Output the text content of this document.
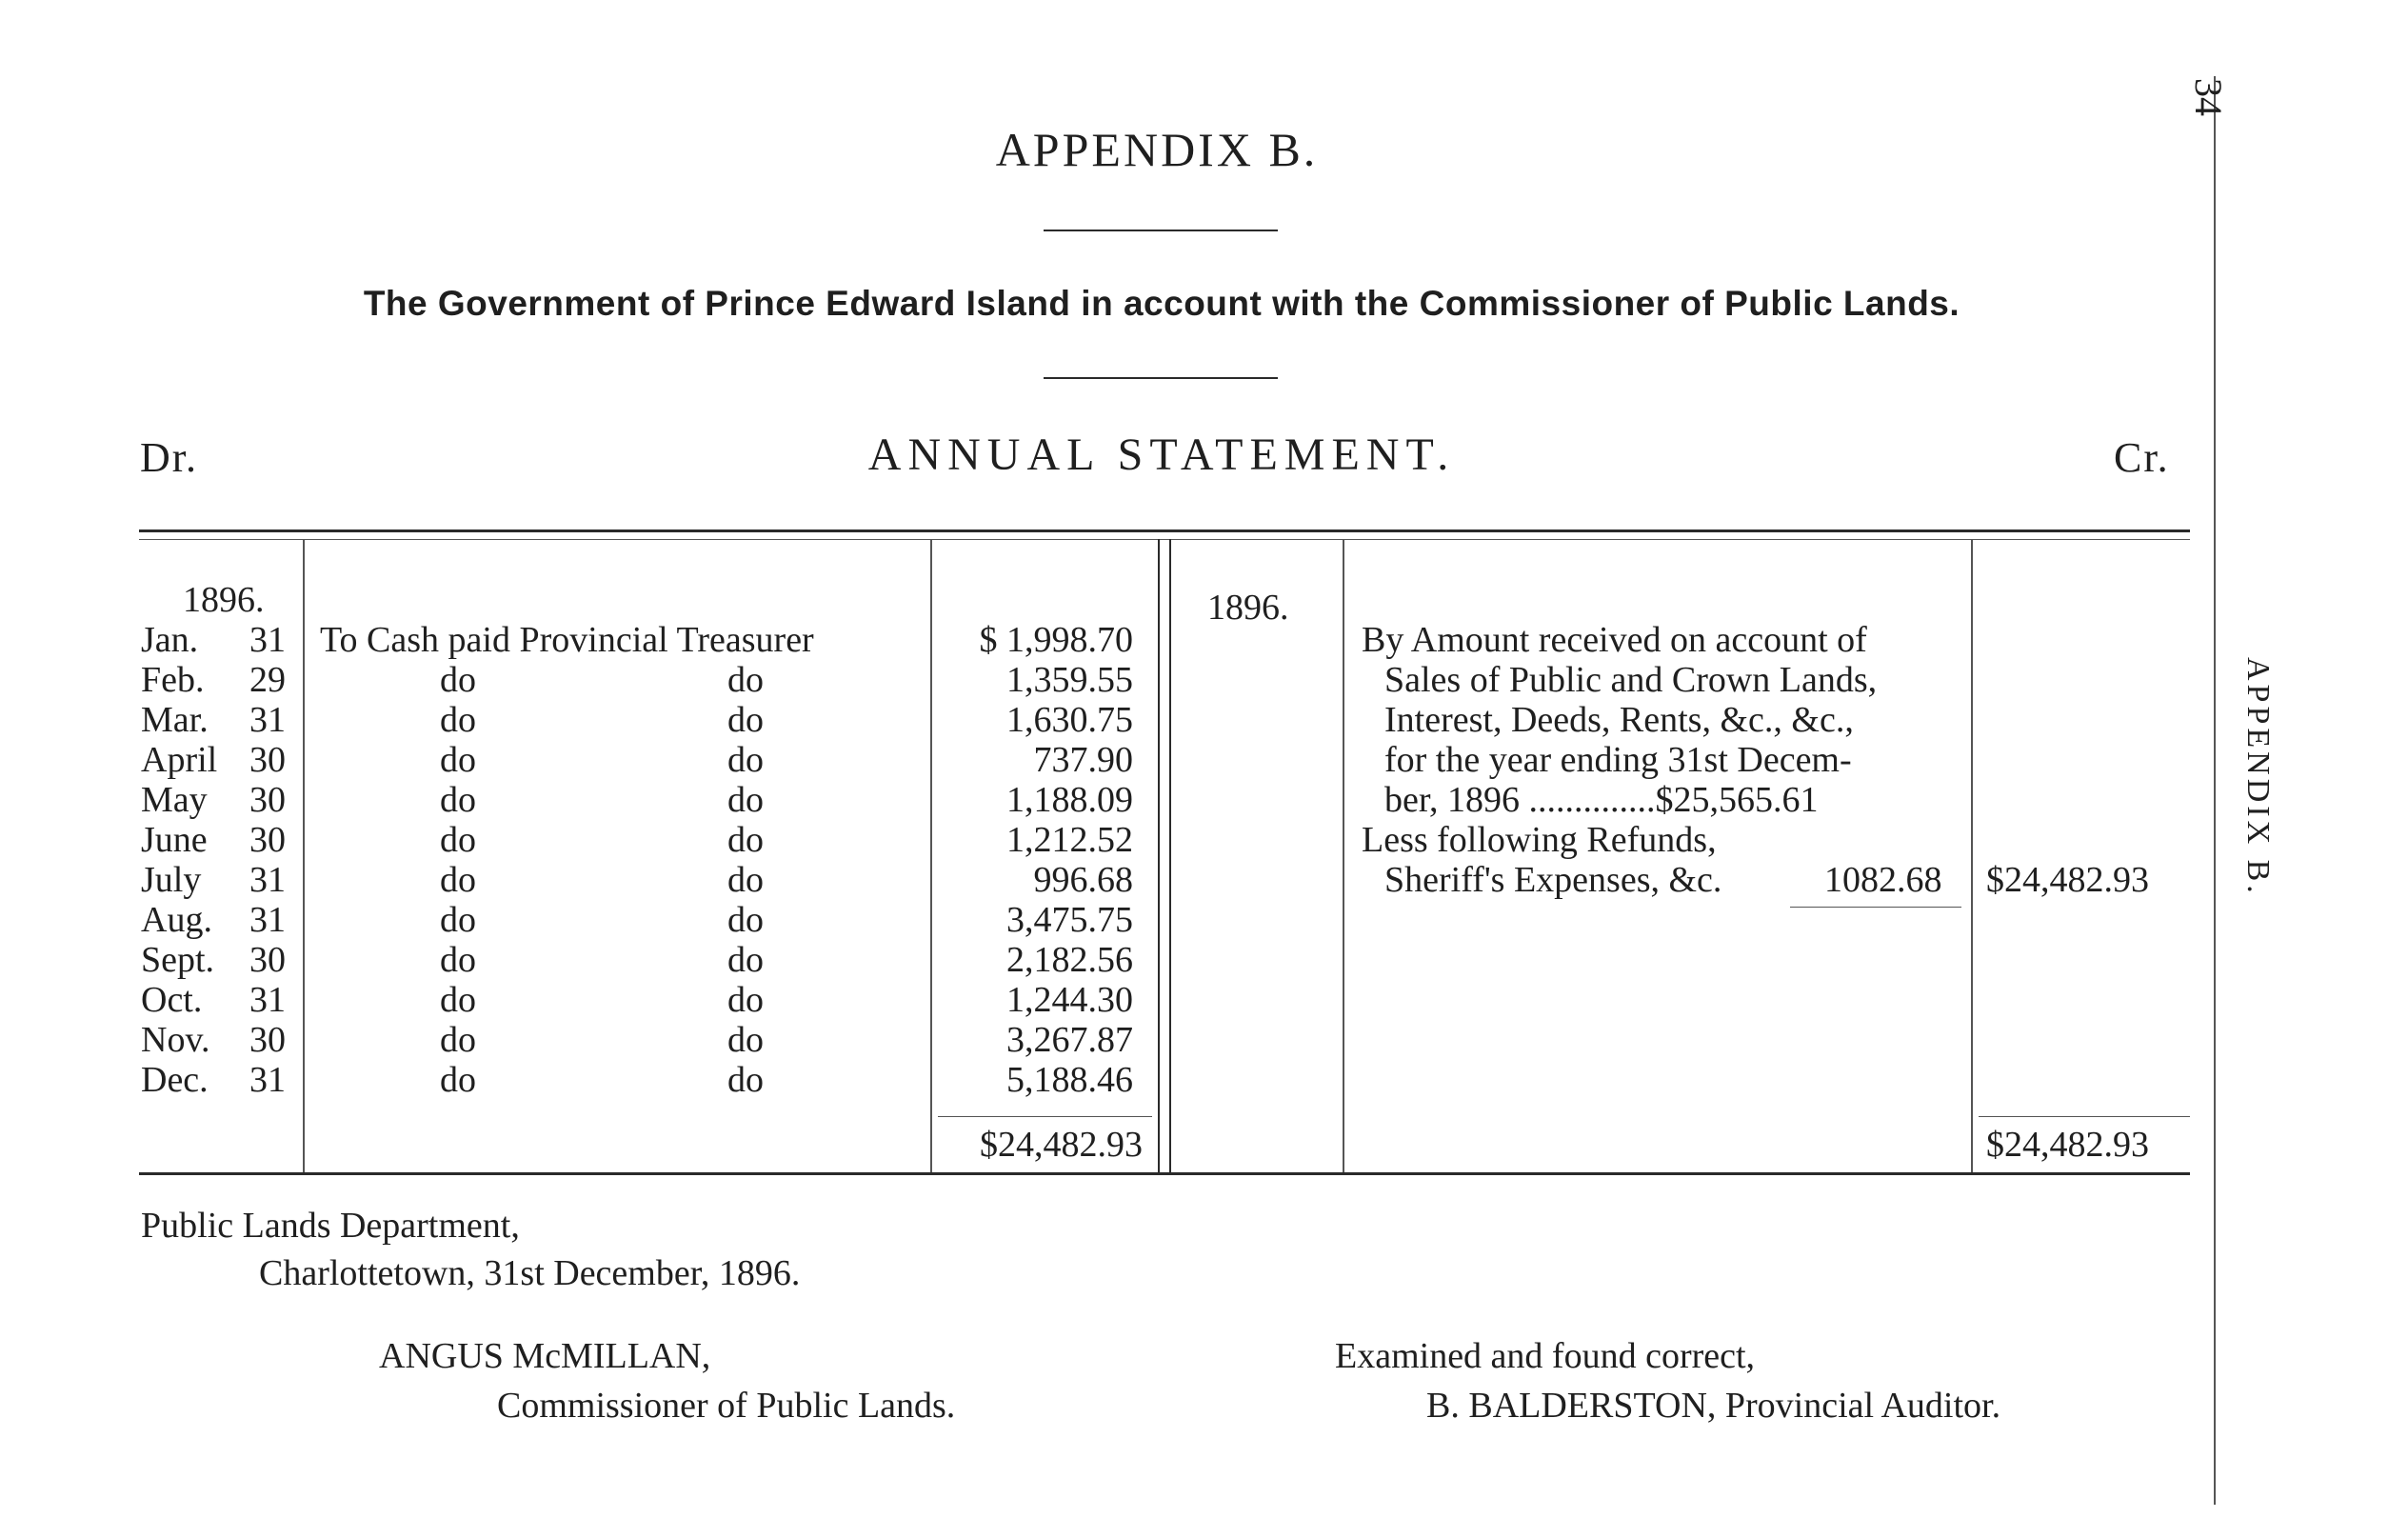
APPENDIX B.
The Government of Prince Edward Island in account with the Commissioner of Public Lands.
Dr.	ANNUAL STATEMENT.	Cr.
1896.
Jan.	31 To Cash paid Provincial Treasurer	$ 1,998.70
Feb.	29	do	do	1,359.55
Mar.	31	do	do	1,630.75
April 30	do	do	737.90
May	30	do	do	1,188.09
June	30	do	do	1,212.52
July	31	do	do	996.68
Aug.	31	do	do	3,475.75
Sept. 30	do	do	2,182.56
Oct.	31	do	do	1,244.30
Nov.	30	do	do	3,267.87
Dec.	31	do	do	5,188.46
$24,482.93
1896.
By Amount received on account of
Sales of Public and Crown Lands,
Interest, Deeds, Rents, &c., &c.,
for the year ending 31st Decem-
ber, 1896 ..............$25,565.61
Less following Refunds,
Sheriff's Expenses, &c.	1082.68 $24,482.93
$24,482.93
Public Lands Department,
Charlottetown, 31st December, 1896.
ANGUS McMILLAN,
Commissioner of Public Lands.
Examined and found correct,
B. BALDERSTON, Provincial Auditor.
34
APPENDIX B.
